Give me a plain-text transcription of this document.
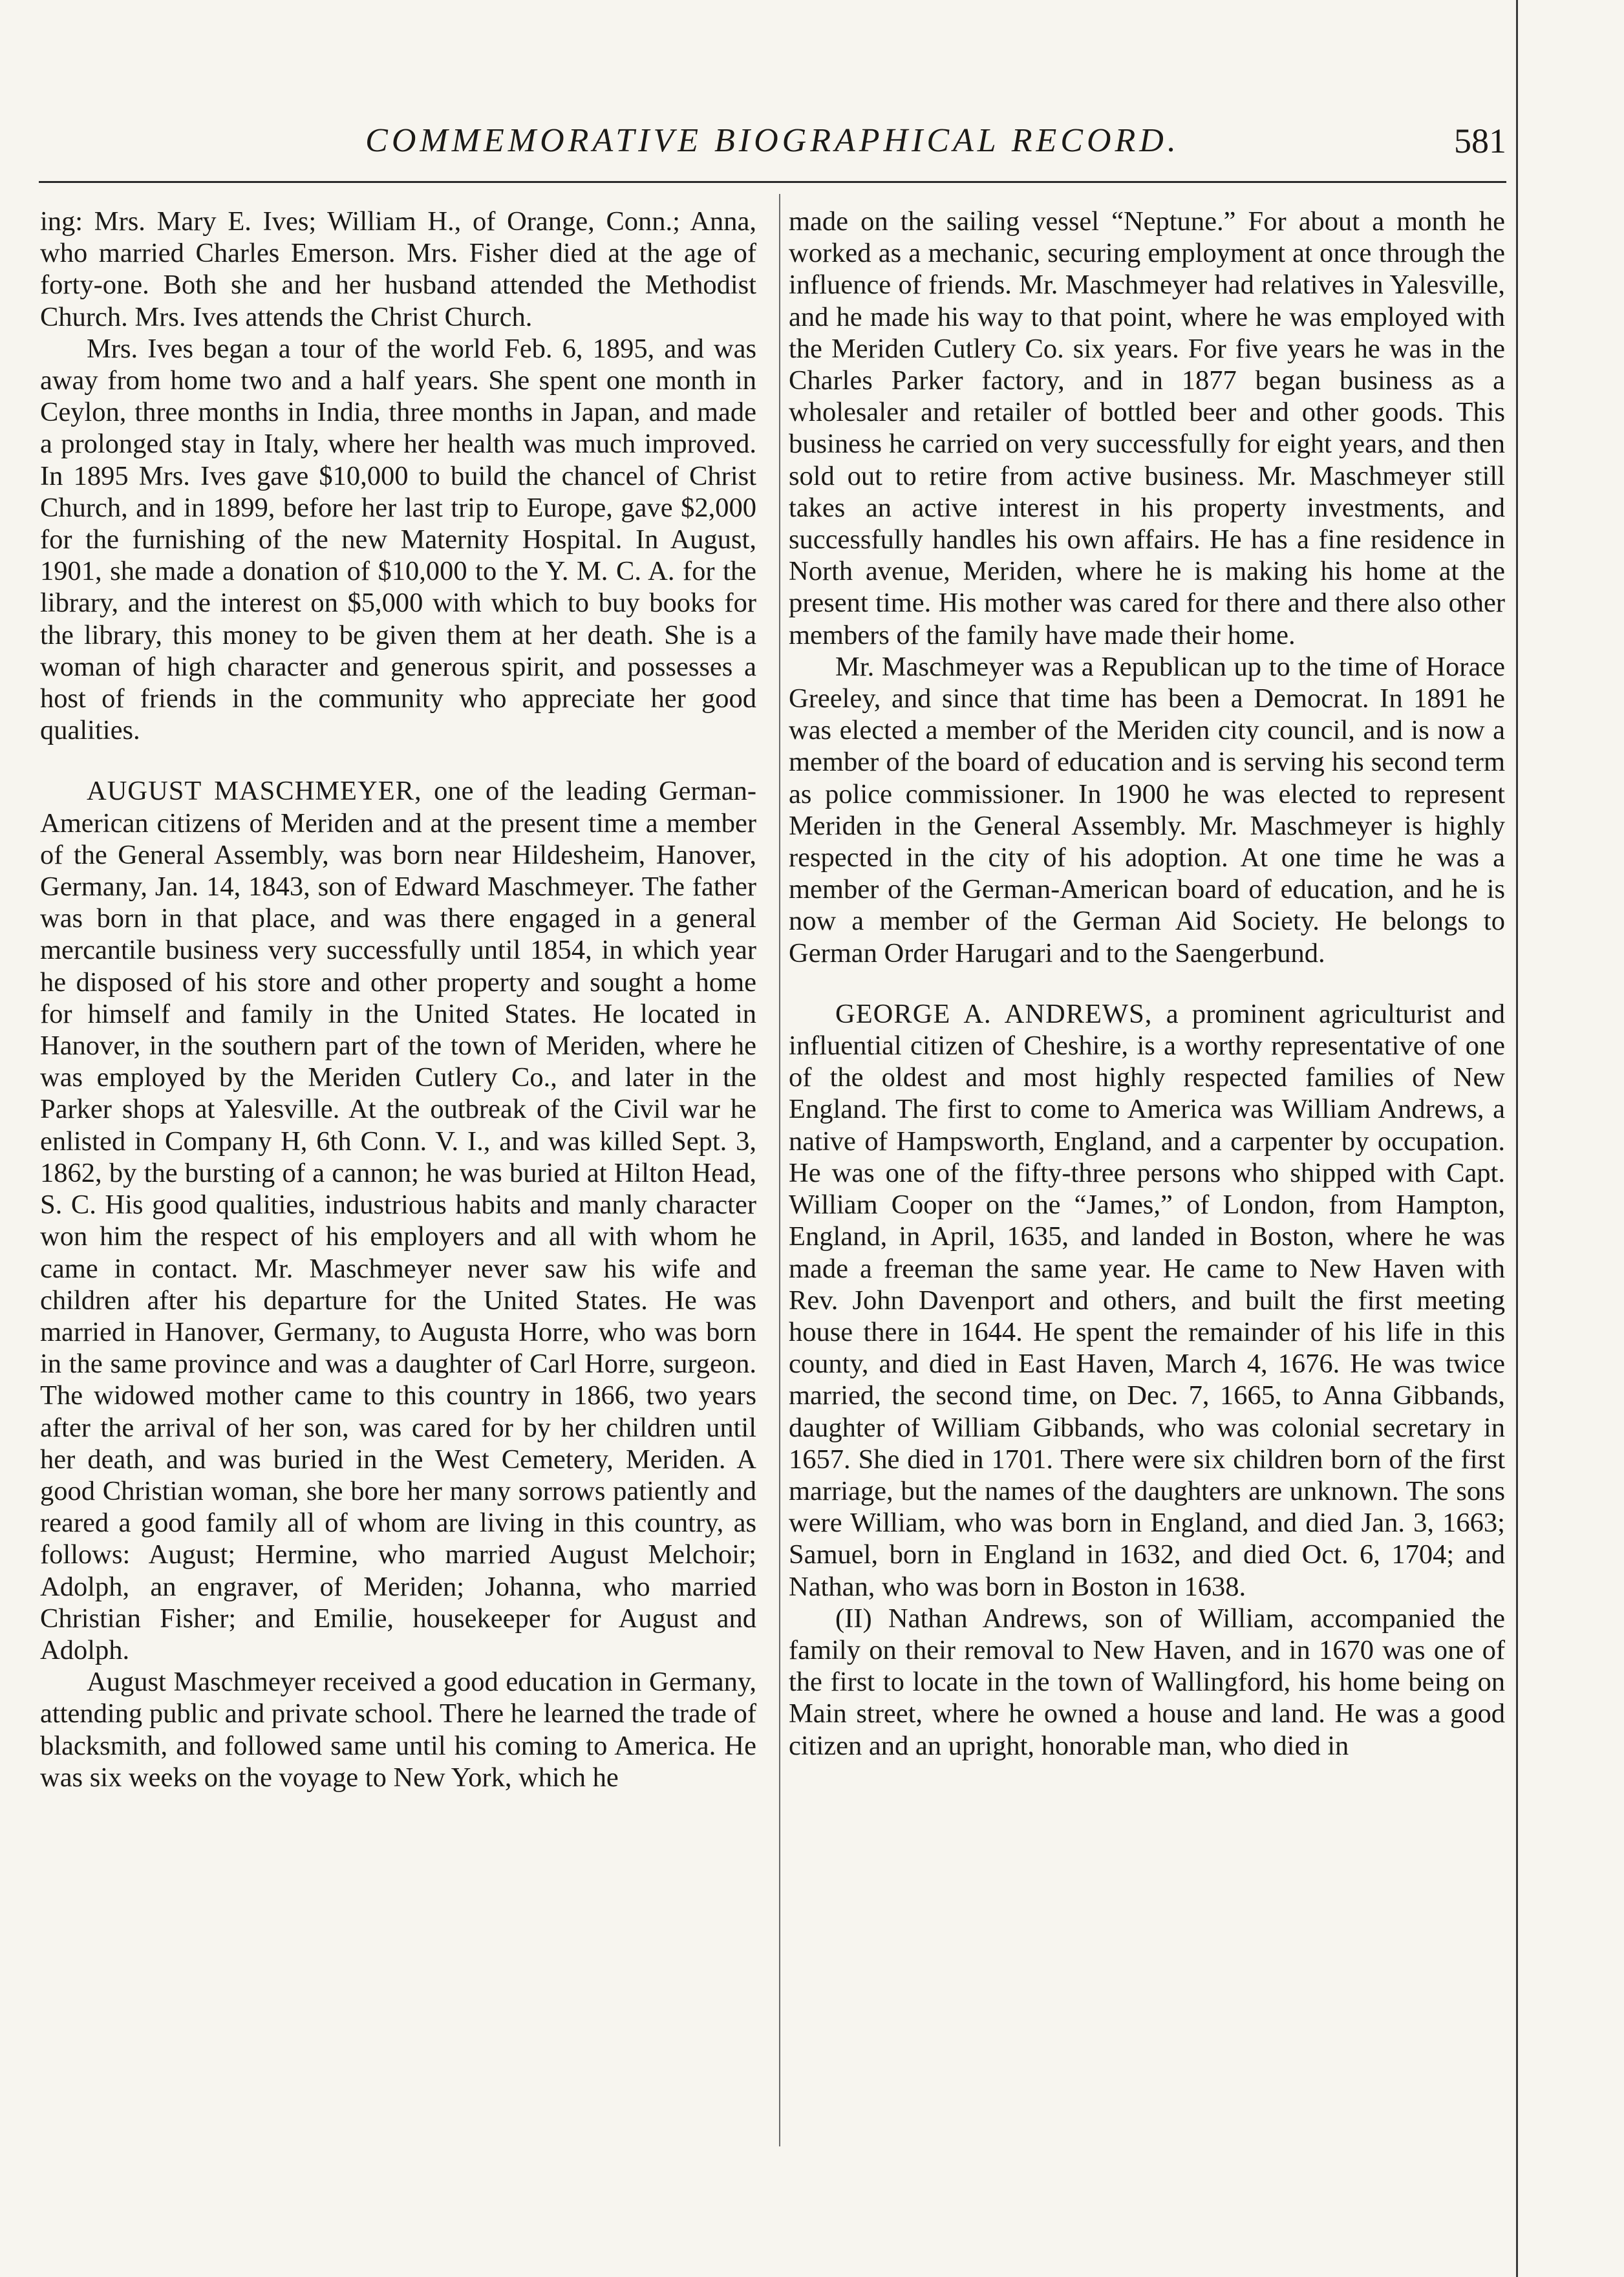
COMMEMORATIVE BIOGRAPHICAL RECORD.	581

ing: Mrs. Mary E. Ives; William H., of Orange, Conn.; Anna, who married Charles Emerson. Mrs. Fisher died at the age of forty-one. Both she and her husband attended the Methodist Church. Mrs. Ives attends the Christ Church.

Mrs. Ives began a tour of the world Feb. 6, 1895, and was away from home two and a half years. She spent one month in Ceylon, three months in India, three months in Japan, and made a prolonged stay in Italy, where her health was much improved. In 1895 Mrs. Ives gave $10,000 to build the chancel of Christ Church, and in 1899, before her last trip to Europe, gave $2,000 for the furnishing of the new Maternity Hospital. In August, 1901, she made a donation of $10,000 to the Y. M. C. A. for the library, and the interest on $5,000 with which to buy books for the library, this money to be given them at her death. She is a woman of high character and generous spirit, and possesses a host of friends in the community who appreciate her good qualities.

AUGUST MASCHMEYER, one of the leading German-American citizens of Meriden and at the present time a member of the General Assembly, was born near Hildesheim, Hanover, Germany, Jan. 14, 1843, son of Edward Maschmeyer. The father was born in that place, and was there engaged in a general mercantile business very successfully until 1854, in which year he disposed of his store and other property and sought a home for himself and family in the United States. He located in Hanover, in the southern part of the town of Meriden, where he was employed by the Meriden Cutlery Co., and later in the Parker shops at Yalesville. At the outbreak of the Civil war he enlisted in Company H, 6th Conn. V. I., and was killed Sept. 3, 1862, by the bursting of a cannon; he was buried at Hilton Head, S. C. His good qualities, industrious habits and manly character won him the respect of his employers and all with whom he came in contact. Mr. Maschmeyer never saw his wife and children after his departure for the United States. He was married in Hanover, Germany, to Augusta Horre, who was born in the same province and was a daughter of Carl Horre, surgeon. The widowed mother came to this country in 1866, two years after the arrival of her son, was cared for by her children until her death, and was buried in the West Cemetery, Meriden. A good Christian woman, she bore her many sorrows patiently and reared a good family all of whom are living in this country, as follows: August; Hermine, who married August Melchoir; Adolph, an engraver, of Meriden; Johanna, who married Christian Fisher; and Emilie, housekeeper for August and Adolph.

August Maschmeyer received a good education in Germany, attending public and private school. There he learned the trade of blacksmith, and followed same until his coming to America. He was six weeks on the voyage to New York, which he

made on the sailing vessel “Neptune.” For about a month he worked as a mechanic, securing employment at once through the influence of friends. Mr. Maschmeyer had relatives in Yalesville, and he made his way to that point, where he was employed with the Meriden Cutlery Co. six years. For five years he was in the Charles Parker factory, and in 1877 began business as a wholesaler and retailer of bottled beer and other goods. This business he carried on very successfully for eight years, and then sold out to retire from active business. Mr. Maschmeyer still takes an active interest in his property investments, and successfully handles his own affairs. He has a fine residence in North avenue, Meriden, where he is making his home at the present time. His mother was cared for there and there also other members of the family have made their home.

Mr. Maschmeyer was a Republican up to the time of Horace Greeley, and since that time has been a Democrat. In 1891 he was elected a member of the Meriden city council, and is now a member of the board of education and is serving his second term as police commissioner. In 1900 he was elected to represent Meriden in the General Assembly. Mr. Maschmeyer is highly respected in the city of his adoption. At one time he was a member of the German-American board of education, and he is now a member of the German Aid Society. He belongs to German Order Harugari and to the Saengerbund.

GEORGE A. ANDREWS, a prominent agriculturist and influential citizen of Cheshire, is a worthy representative of one of the oldest and most highly respected families of New England. The first to come to America was William Andrews, a native of Hampsworth, England, and a carpenter by occupation. He was one of the fifty-three persons who shipped with Capt. William Cooper on the “James,” of London, from Hampton, England, in April, 1635, and landed in Boston, where he was made a freeman the same year. He came to New Haven with Rev. John Davenport and others, and built the first meeting house there in 1644. He spent the remainder of his life in this county, and died in East Haven, March 4, 1676. He was twice married, the second time, on Dec. 7, 1665, to Anna Gibbands, daughter of William Gibbands, who was colonial secretary in 1657. She died in 1701. There were six children born of the first marriage, but the names of the daughters are unknown. The sons were William, who was born in England, and died Jan. 3, 1663; Samuel, born in England in 1632, and died Oct. 6, 1704; and Nathan, who was born in Boston in 1638.

(II) Nathan Andrews, son of William, accompanied the family on their removal to New Haven, and in 1670 was one of the first to locate in the town of Wallingford, his home being on Main street, where he owned a house and land. He was a good citizen and an upright, honorable man, who died in
